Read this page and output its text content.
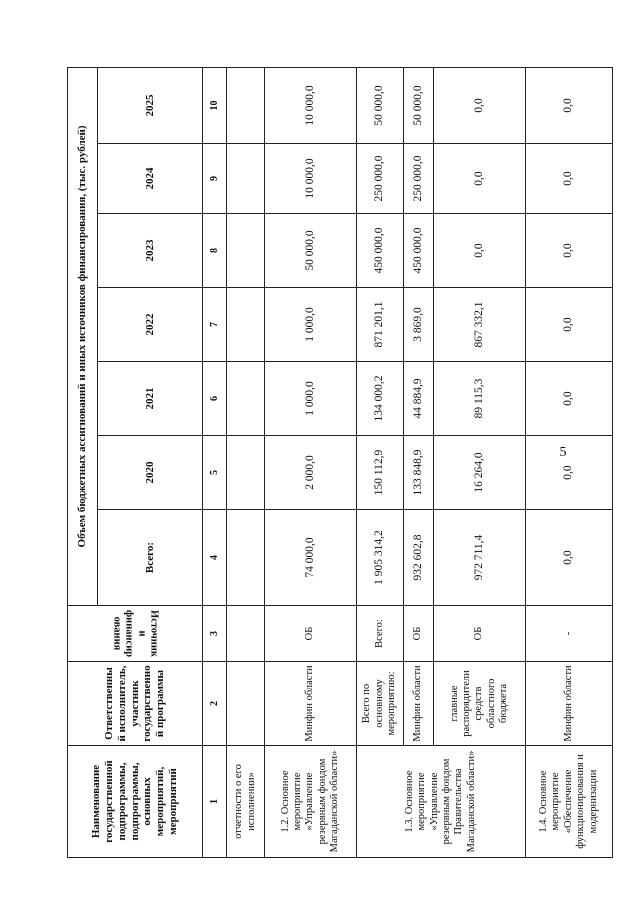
5
Наименование государственной подпрограммы, подпрограммы, основных мероприятий, мероприятий	Ответственный исполнитель, участник государственной программы	Источники финансирования	Объем бюджетных ассигнований и иных источников финансирования, (тыс. рублей)						
			Всего:	2020	2021	2022	2023	2024	2025
1	2	3	4	5	6	7	8	9	10
отчетности о его исполнении»									
1.2. Основное мероприятие «Управление резервным фондом Магаданской области»	Минфин области	ОБ	74 000,0	2 000,0	1 000,0	1 000,0	50 000,0	10 000,0	10 000,0
1.3. Основное мероприятие «Управление резервным фондом Правительства Магаданской области»	Всего по основному мероприятию:	Всего:	1 905 314,2	150 112,9	134 000,2	871 201,1	450 000,0	250 000,0	50 000,0
	Минфин области	ОБ	932 602,8	133 848,9	44 884,9	3 869,0	450 000,0	250 000,0	50 000,0
	главные распорядители средств областного бюджета	ОБ	972 711,4	16 264,0	89 115,3	867 332,1	0,0	0,0	0,0
1.4. Основное мероприятие «Обеспечение функционирования и модернизации	Минфин области	-	0,0	0,0	0,0	0,0	0,0	0,0	0,0
